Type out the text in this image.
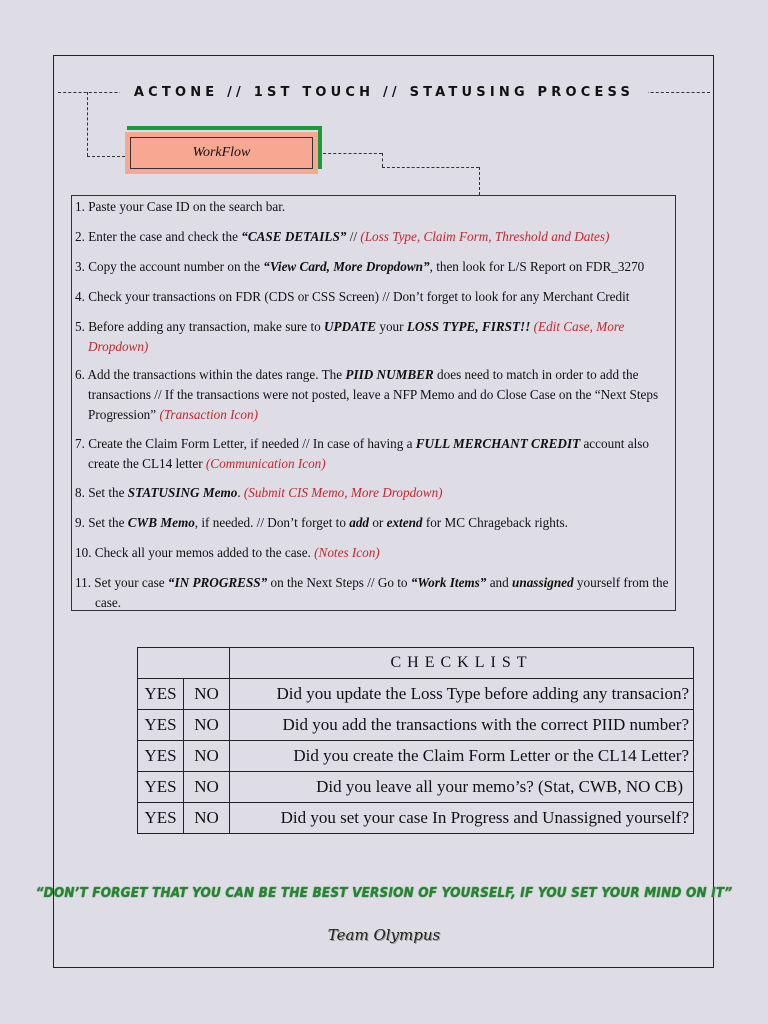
ACTONE // 1ST TOUCH // STATUSING PROCESS
WorkFlow
1. Paste your Case ID on the search bar.
2. Enter the case and check the “CASE DETAILS” // (Loss Type, Claim Form, Threshold and Dates)
3. Copy the account number on the “View Card, More Dropdown”, then look for L/S Report on FDR_3270
4. Check your transactions on FDR (CDS or CSS Screen) // Don’t forget to look for any Merchant Credit
5. Before adding any transaction, make sure to UPDATE your LOSS TYPE, FIRST!! (Edit Case, More Dropdown)
6. Add the transactions within the dates range. The PIID NUMBER does need to match in order to add the transactions // If the transactions were not posted, leave a NFP Memo and do Close Case on the “Next Steps Progression” (Transaction Icon)
7. Create the Claim Form Letter, if needed // In case of having a FULL MERCHANT CREDIT account also create the CL14 letter (Communication Icon)
8. Set the STATUSING Memo. (Submit CIS Memo, More Dropdown)
9. Set the CWB Memo, if needed. // Don’t forget to add or extend for MC Chrageback rights.
10. Check all your memos added to the case. (Notes Icon)
11. Set your case “IN PROGRESS” on the Next Steps // Go to “Work Items” and unassigned yourself from the case.
		CHECKLIST
YES	NO	Did you update the Loss Type before adding any transacion?
YES	NO	Did you add the transactions with the correct PIID number?
YES	NO	Did you create the Claim Form Letter or the CL14 Letter?
YES	NO	Did you leave all your memo’s? (Stat, CWB, NO CB)
YES	NO	Did you set your case In Progress and Unassigned yourself?
“DON’T FORGET THAT YOU CAN BE THE BEST VERSION OF YOURSELF, IF YOU SET YOUR MIND ON IT”
Team Olympus
